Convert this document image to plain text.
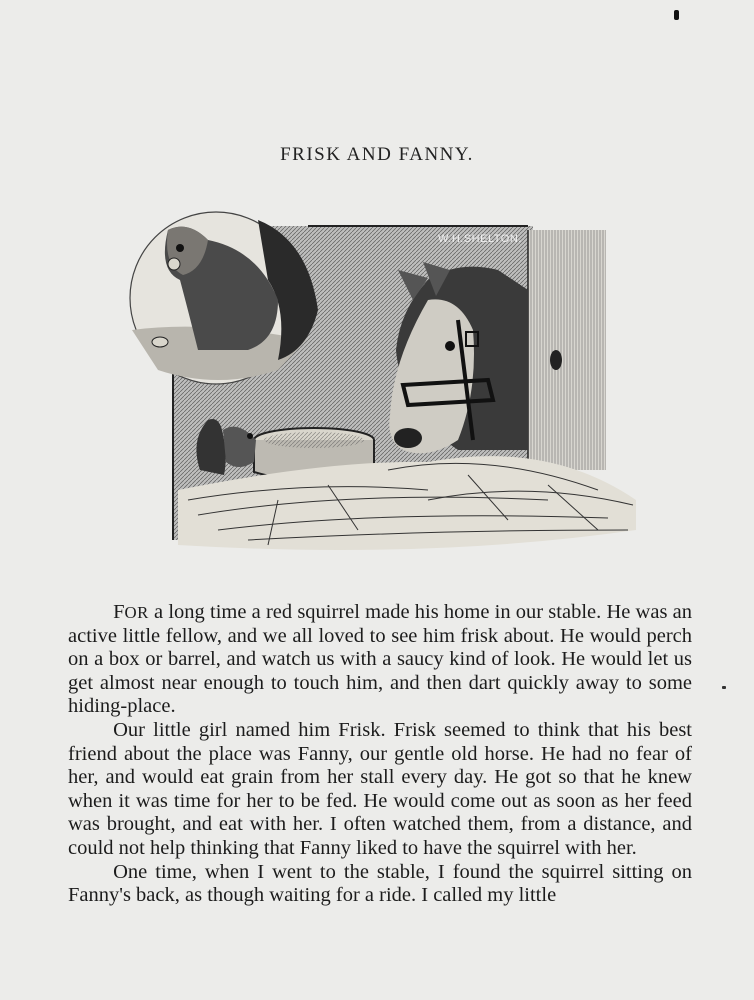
FRISK AND FANNY.
W.H.SHELTON.

FOR a long time a red squirrel made his home in our stable. He was an active little fellow, and we all loved to see him frisk about. He would perch on a box or barrel, and watch us with a saucy kind of look. He would let us get almost near enough to touch him, and then dart quickly away to some hiding-place.

Our little girl named him Frisk. Frisk seemed to think that his best friend about the place was Fanny, our gentle old horse. He had no fear of her, and would eat grain from her stall every day. He got so that he knew when it was time for her to be fed. He would come out as soon as her feed was brought, and eat with her. I often watched them, from a distance, and could not help thinking that Fanny liked to have the squirrel with her.

One time, when I went to the stable, I found the squirrel sitting on Fanny's back, as though waiting for a ride. I called my little
